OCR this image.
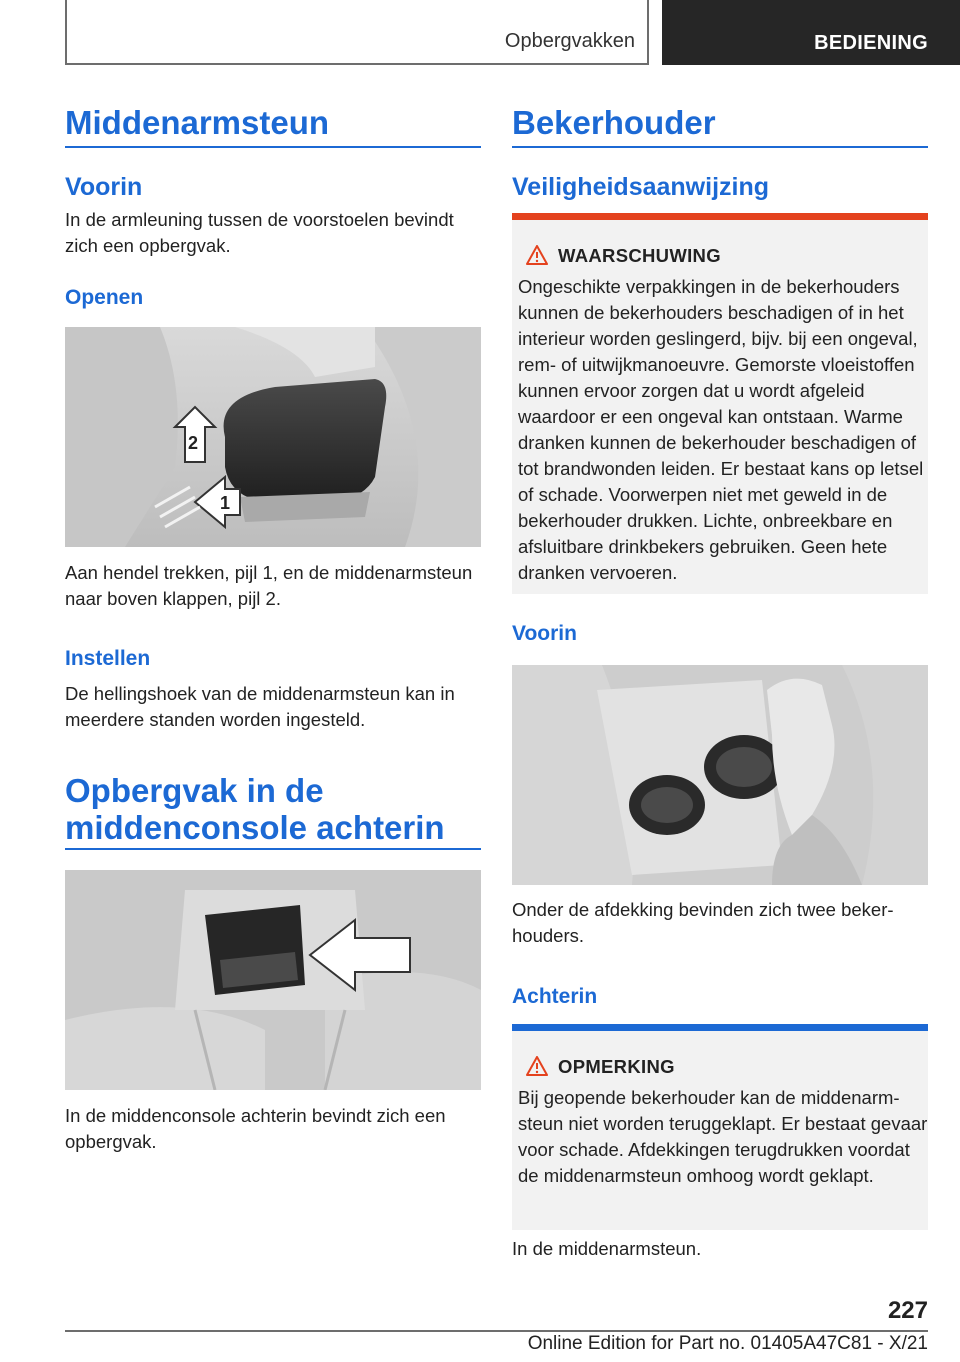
Opbergvakken	BEDIENING
Middenarmsteun
Voorin

In de armleuning tussen de voorstoelen bevindt zich een opbergvak.

Openen
2
1

Aan hendel trekken, pijl 1, en de middenarmsteun naar boven klappen, pijl 2.

Instellen

De hellingshoek van de middenarmsteun kan in meerdere standen worden ingesteld.

Opbergvak in de middenconsole achterin

In de middenconsole achterin bevindt zich een opbergvak.

Bekerhouder
Veiligheidsaanwijzing
WAARSCHUWING
Ongeschikte verpakkingen in de bekerhouders kunnen de bekerhouders beschadigen of in het interieur worden geslingerd, bijv. bij een ongeval, rem- of uitwijkmanoeuvre. Gemorste vloeistoffen kunnen ervoor zorgen dat u wordt afgeleid waardoor er een ongeval kan ontstaan. Warme dranken kunnen de bekerhouder beschadigen of tot brandwonden leiden. Er bestaat kans op letsel of schade. Voorwerpen niet met geweld in de bekerhouder drukken. Lichte, onbreekbare en afsluitbare drinkbekers gebruiken. Geen hete dranken vervoeren.
Voorin

Onder de afdekking bevinden zich twee bekerhouders.

Achterin
OPMERKING
Bij geopende bekerhouder kan de middenarmsteun niet worden teruggeklapt. Er bestaat gevaar voor schade. Afdekkingen terugdrukken voordat de middenarmsteun omhoog wordt geklapt.

In de middenarmsteun.

227
Online Edition for Part no. 01405A47C81 - X/21
